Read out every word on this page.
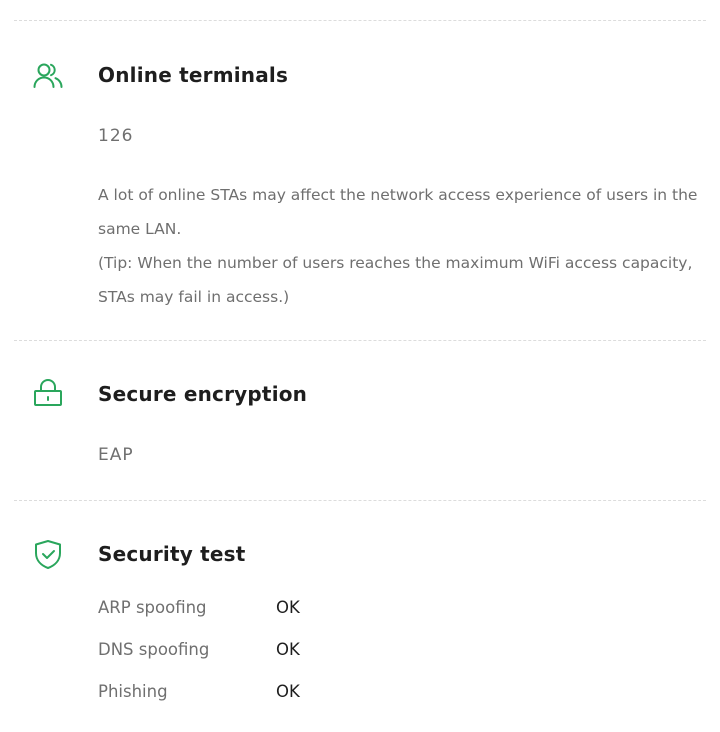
Online terminals
126

A lot of online STAs may affect the network access experience of users in the same LAN.

(Tip: When the number of users reaches the maximum WiFi access capacity, STAs may fail in access.)

Secure encryption
EAP
Security test
ARP spoofing	OK
DNS spoofing	OK
Phishing	OK
